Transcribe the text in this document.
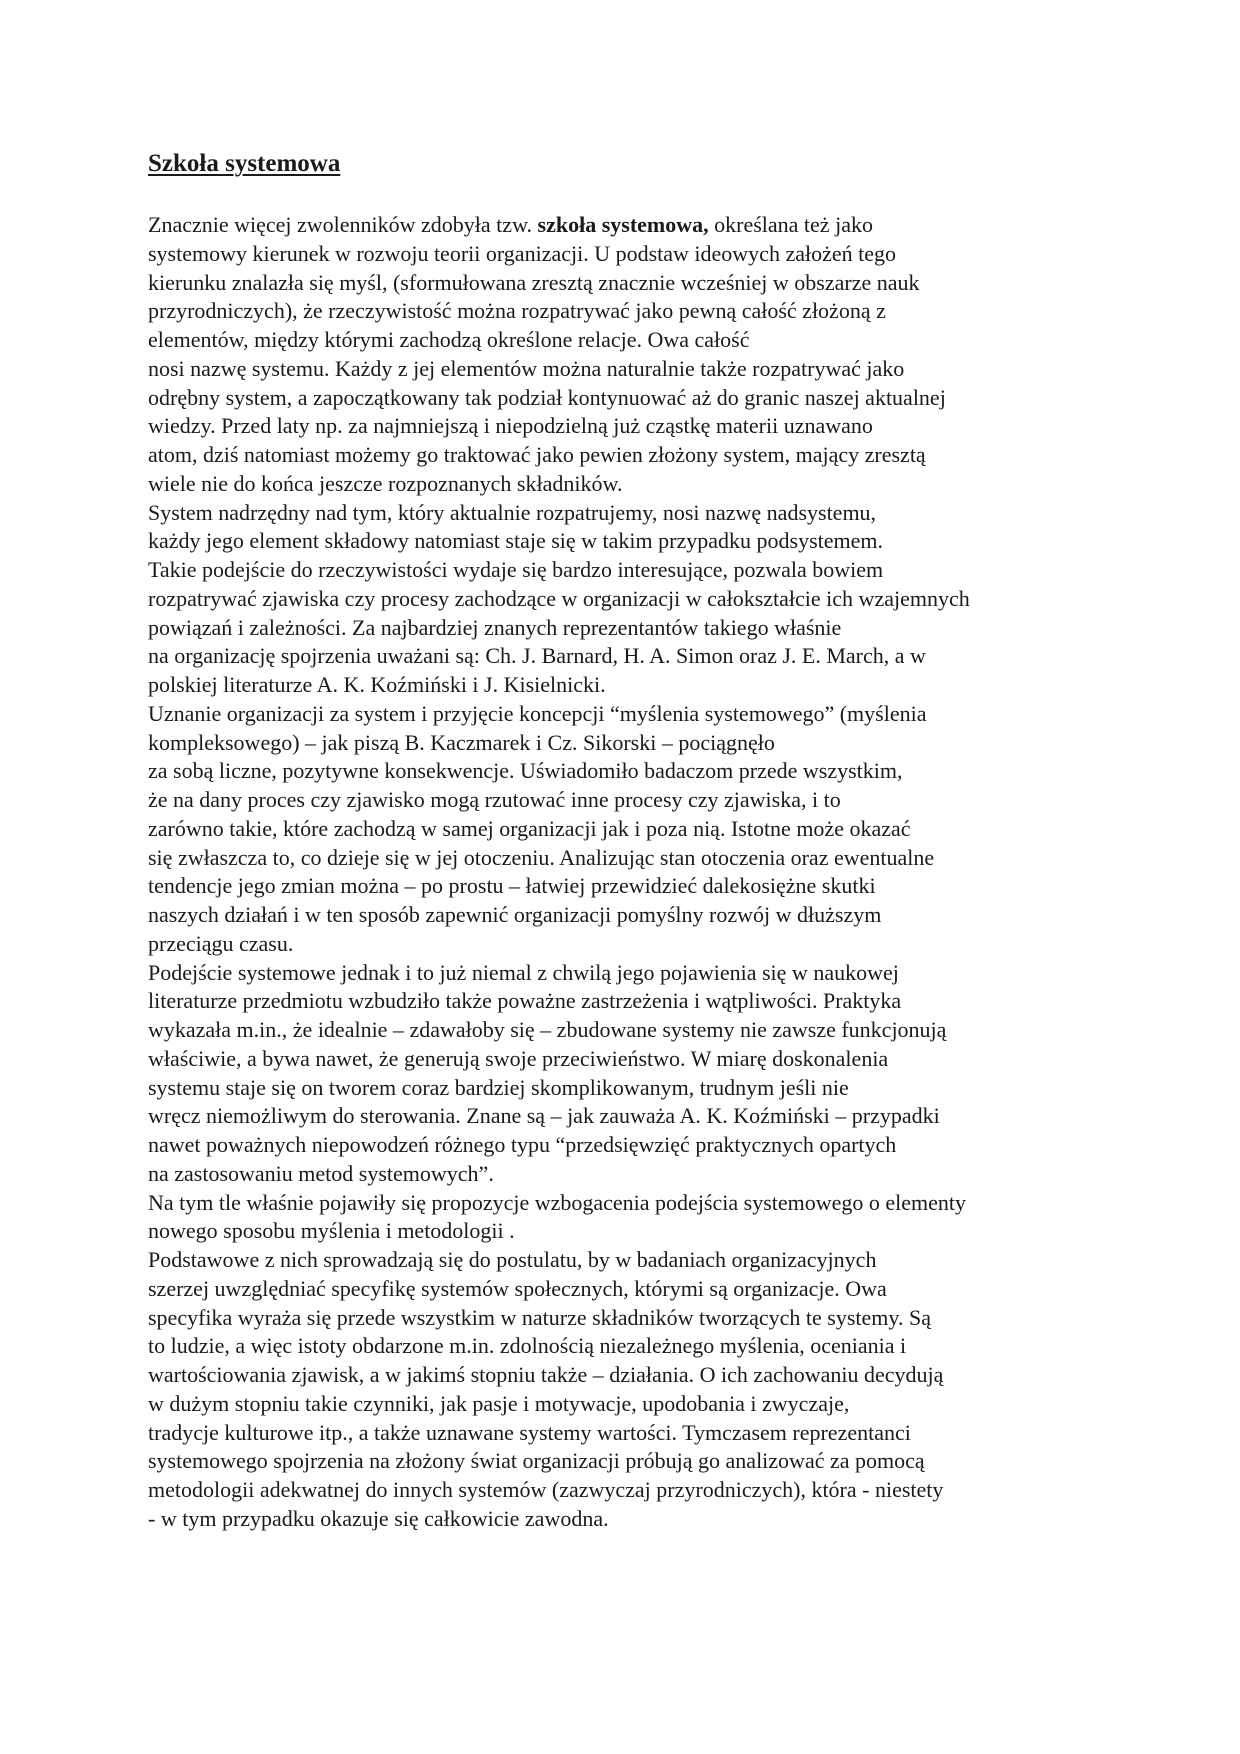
Szkoła systemowa
Znacznie więcej zwolenników zdobyła tzw. szkoła systemowa, określana też jako
systemowy kierunek w rozwoju teorii organizacji. U podstaw ideowych założeń tego
kierunku znalazła się myśl, (sformułowana zresztą znacznie wcześniej w obszarze nauk
przyrodniczych), że rzeczywistość można rozpatrywać jako pewną całość złożoną z
elementów, między którymi zachodzą określone relacje. Owa całość
nosi nazwę systemu. Każdy z jej elementów można naturalnie także rozpatrywać jako
odrębny system, a zapoczątkowany tak podział kontynuować aż do granic naszej aktualnej
wiedzy. Przed laty np. za najmniejszą i niepodzielną już cząstkę materii uznawano
atom, dziś natomiast możemy go traktować jako pewien złożony system, mający zresztą
wiele nie do końca jeszcze rozpoznanych składników.
System nadrzędny nad tym, który aktualnie rozpatrujemy, nosi nazwę nadsystemu,
każdy jego element składowy natomiast staje się w takim przypadku podsystemem.
Takie podejście do rzeczywistości wydaje się bardzo interesujące, pozwala bowiem
rozpatrywać zjawiska czy procesy zachodzące w organizacji w całokształcie ich wzajemnych
powiązań i zależności. Za najbardziej znanych reprezentantów takiego właśnie
na organizację spojrzenia uważani są: Ch. J. Barnard, H. A. Simon oraz J. E. March, a w
polskiej literaturze A. K. Koźmiński i J. Kisielnicki.
Uznanie organizacji za system i przyjęcie koncepcji “myślenia systemowego” (myślenia
kompleksowego) – jak piszą B. Kaczmarek i Cz. Sikorski – pociągnęło
za sobą liczne, pozytywne konsekwencje. Uświadomiło badaczom przede wszystkim,
że na dany proces czy zjawisko mogą rzutować inne procesy czy zjawiska, i to
zarówno takie, które zachodzą w samej organizacji jak i poza nią. Istotne może okazać
się zwłaszcza to, co dzieje się w jej otoczeniu. Analizując stan otoczenia oraz ewentualne
tendencje jego zmian można – po prostu – łatwiej przewidzieć dalekosiężne skutki
naszych działań i w ten sposób zapewnić organizacji pomyślny rozwój w dłuższym
przeciągu czasu.
Podejście systemowe jednak i to już niemal z chwilą jego pojawienia się w naukowej
literaturze przedmiotu wzbudziło także poważne zastrzeżenia i wątpliwości. Praktyka
wykazała m.in., że idealnie – zdawałoby się – zbudowane systemy nie zawsze funkcjonują
właściwie, a bywa nawet, że generują swoje przeciwieństwo. W miarę doskonalenia
systemu staje się on tworem coraz bardziej skomplikowanym, trudnym jeśli nie
wręcz niemożliwym do sterowania. Znane są – jak zauważa A. K. Koźmiński – przypadki
nawet poważnych niepowodzeń różnego typu “przedsięwzięć praktycznych opartych
na zastosowaniu metod systemowych”.
Na tym tle właśnie pojawiły się propozycje wzbogacenia podejścia systemowego o elementy
nowego sposobu myślenia i metodologii .
Podstawowe z nich sprowadzają się do postulatu, by w badaniach organizacyjnych
szerzej uwzględniać specyfikę systemów społecznych, którymi są organizacje. Owa
specyfika wyraża się przede wszystkim w naturze składników tworzących te systemy. Są
to ludzie, a więc istoty obdarzone m.in. zdolnością niezależnego myślenia, oceniania i
wartościowania zjawisk, a w jakimś stopniu także – działania. O ich zachowaniu decydują
w dużym stopniu takie czynniki, jak pasje i motywacje, upodobania i zwyczaje,
tradycje kulturowe itp., a także uznawane systemy wartości. Tymczasem reprezentanci
systemowego spojrzenia na złożony świat organizacji próbują go analizować za pomocą
metodologii adekwatnej do innych systemów (zazwyczaj przyrodniczych), która - niestety
- w tym przypadku okazuje się całkowicie zawodna.
